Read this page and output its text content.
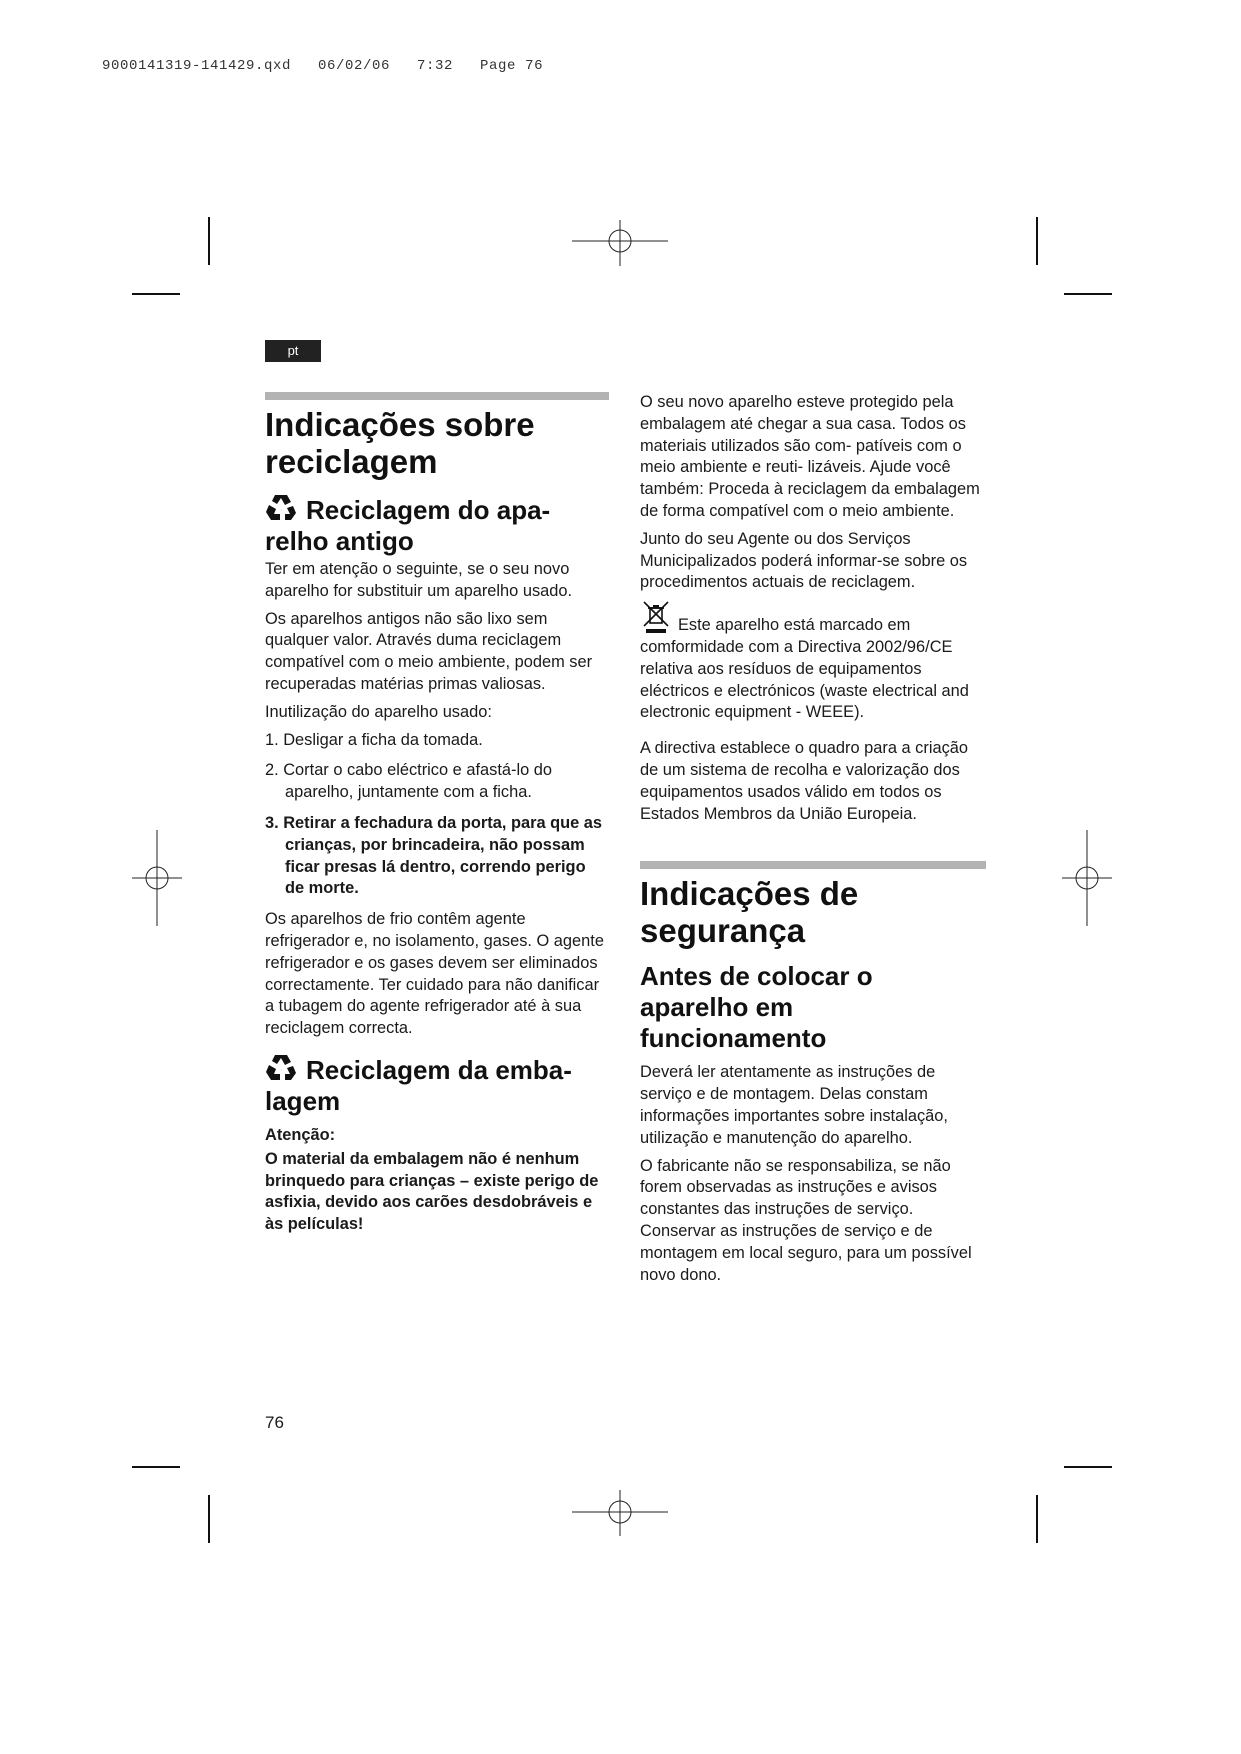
9000141319-141429.qxd   06/02/06   7:32   Page 76
pt
Indicações sobre reciclagem
Reciclagem do apa- relho antigo

Ter em atenção o seguinte, se o seu novo aparelho for substituir um aparelho usado.

Os aparelhos antigos não são lixo sem qualquer valor. Através duma reciclagem compatível com o meio ambiente, podem ser recuperadas matérias primas valiosas.

Inutilização do aparelho usado:

1. Desligar a ficha da tomada.
2. Cortar o cabo eléctrico e afastá-lo do aparelho, juntamente com a ficha.
3. Retirar a fechadura da porta, para que as crianças, por brincadeira, não possam ficar presas lá dentro, correndo perigo de morte.

Os aparelhos de frio contêm agente refrigerador e, no isolamento, gases. O agente refrigerador e os gases devem ser eliminados correctamente. Ter cuidado para não danificar a tubagem do agente refrigerador até à sua reciclagem correcta.

Reciclagem da emba- lagem

Atenção:

O material da embalagem não é nenhum brinquedo para crianças – existe perigo de asfixia, devido aos carões desdobráveis e às películas!

O seu novo aparelho esteve protegido pela embalagem até chegar a sua casa. Todos os materiais utilizados são com- patíveis com o meio ambiente e reuti- lizáveis. Ajude você também: Proceda à reciclagem da embalagem de forma compatível com o meio ambiente.

Junto do seu Agente ou dos Serviços Municipalizados poderá informar-se sobre os procedimentos actuais de reciclagem.

Este aparelho está marcado em comformidade com a Directiva 2002/96/CE relativa aos resíduos de equipamentos eléctricos e electrónicos (waste electrical and electronic equipment - WEEE).

A directiva establece o quadro para a criação de um sistema de recolha e valorização dos equipamentos usados válido em todos os Estados Membros da União Europeia.

Indicações de segurança
Antes de colocar o aparelho em funcionamento

Deverá ler atentamente as instruções de serviço e de montagem. Delas constam informações importantes sobre instalação, utilização e manutenção do aparelho.

O fabricante não se responsabiliza, se não forem observadas as instruções e avisos constantes das instruções de serviço. Conservar as instruções de serviço e de montagem em local seguro, para um possível novo dono.

76
